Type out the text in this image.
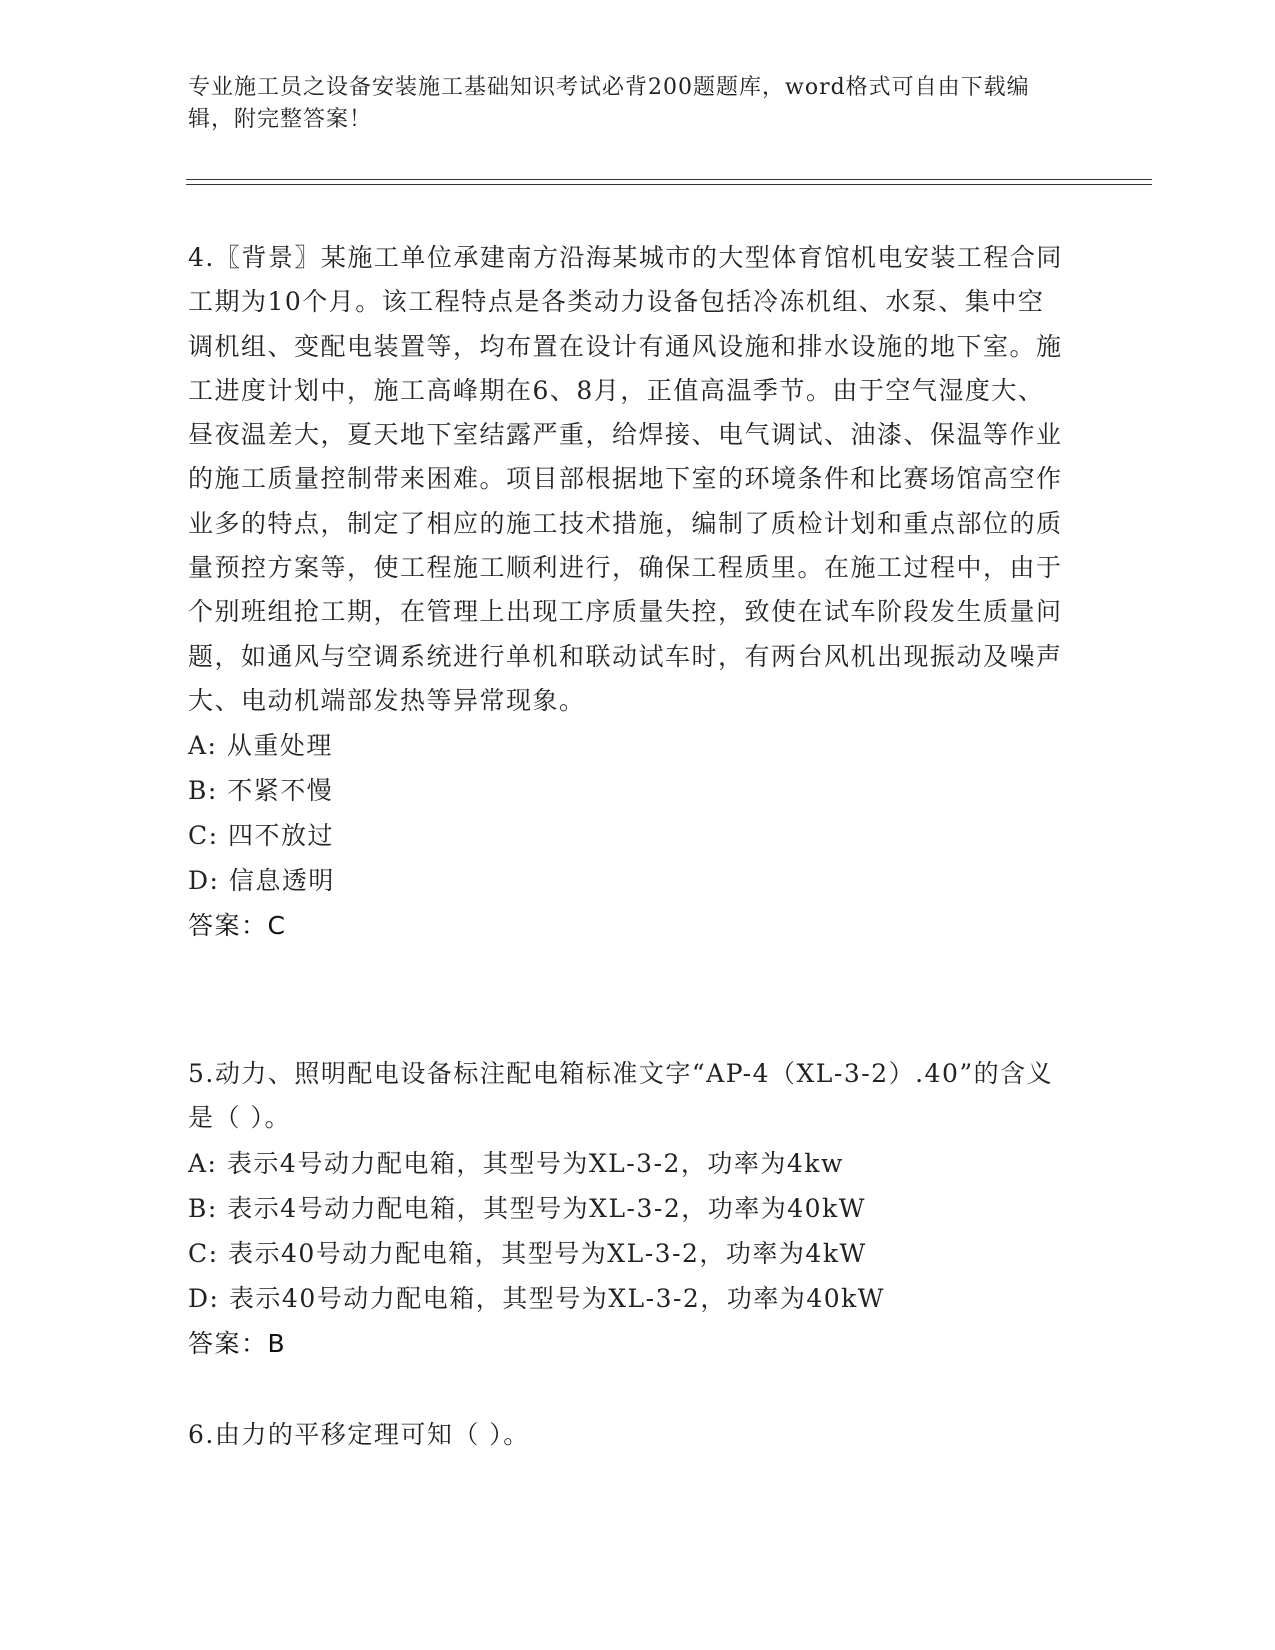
专业施工员之设备安装施工基础知识考试必背200题题库，word格式可自由下载编辑，附完整答案！

4.〖背景〗某施工单位承建南方沿海某城市的大型体育馆机电安装工程合同工期为10个月。该工程特点是各类动力设备包括冷冻机组、水泵、集中空调机组、变配电装置等，均布置在设计有通风设施和排水设施的地下室。施工进度计划中，施工高峰期在6、8月，正值高温季节。由于空气湿度大、昼夜温差大，夏天地下室结露严重，给焊接、电气调试、油漆、保温等作业的施工质量控制带来困难。项目部根据地下室的环境条件和比赛场馆高空作业多的特点，制定了相应的施工技术措施，编制了质检计划和重点部位的质量预控方案等，使工程施工顺利进行，确保工程质里。在施工过程中，由于个别班组抢工期，在管理上出现工序质量失控，致使在试车阶段发生质量问题，如通风与空调系统进行单机和联动试车时，有两台风机出现振动及噪声大、电动机端部发热等异常现象。

A: 从重处理

B: 不紧不慢

C: 四不放过

D: 信息透明

答案：C

5.动力、照明配电设备标注配电箱标准文字“AP-4（XL-3-2）.40”的含义是（ ）。

A: 表示4号动力配电箱，其型号为XL-3-2，功率为4kw

B: 表示4号动力配电箱，其型号为XL-3-2，功率为40kW

C: 表示40号动力配电箱，其型号为XL-3-2，功率为4kW

D: 表示40号动力配电箱，其型号为XL-3-2，功率为40kW

答案：B

6.由力的平移定理可知（ ）。
